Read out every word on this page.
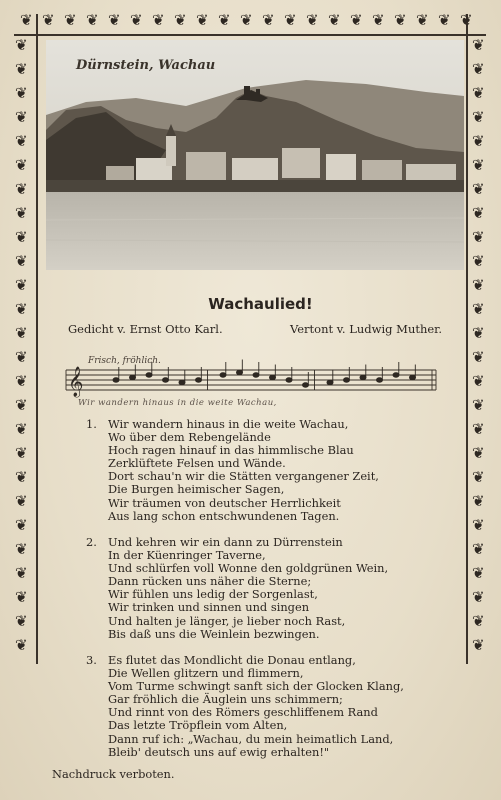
❦ ❦ ❦ ❦ ❦ ❦ ❦ ❦ ❦ ❦ ❦ ❦ ❦ ❦ ❦ ❦ ❦ ❦ ❦ ❦ ❦
❦	❦
❦	❦
❦	❦
❦	❦
❦	❦
❦	❦
❦	❦
❦	❦
❦	❦
❦	❦
❦	❦
❦	❦
❦	❦
❦	❦
❦	❦
❦	❦
❦	❦
❦	❦
❦	❦
❦	❦
❦	❦
❦	❦
❦	❦
❦	❦
❦	❦
❦	❦
Dürnstein, Wachau
Wachaulied!
Gedicht v. Ernst Otto Karl.	Vertont v. Ludwig Muther.
Frisch, fröhlich.
𝄞
Wir wandern hinaus in die weite Wachau,
1. Wir wandern hinaus in die weite Wachau,
Wo über dem Rebengelände
Hoch ragen hinauf in das himmlische Blau
Zerklüftete Felsen und Wände.
Dort schau'n wir die Stätten vergangener Zeit,
Die Burgen heimischer Sagen,
Wir träumen von deutscher Herrlichkeit
Aus lang schon entschwundenen Tagen.
2. Und kehren wir ein dann zu Dürrenstein
In der Küenringer Taverne,
Und schlürfen voll Wonne den goldgrünen Wein,
Dann rücken uns näher die Sterne;
Wir fühlen uns ledig der Sorgenlast,
Wir trinken und sinnen und singen
Und halten je länger, je lieber noch Rast,
Bis daß uns die Weinlein bezwingen.
3. Es flutet das Mondlicht die Donau entlang,
Die Wellen glitzern und flimmern,
Vom Turme schwingt sanft sich der Glocken Klang,
Gar fröhlich die Äuglein uns schimmern;
Und rinnt von des Römers geschliffenem Rand
Das letzte Tröpflein vom Alten,
Dann ruf ich: „Wachau, du mein heimatlich Land,
Bleib' deutsch uns auf ewig erhalten!"
Nachdruck verboten.
